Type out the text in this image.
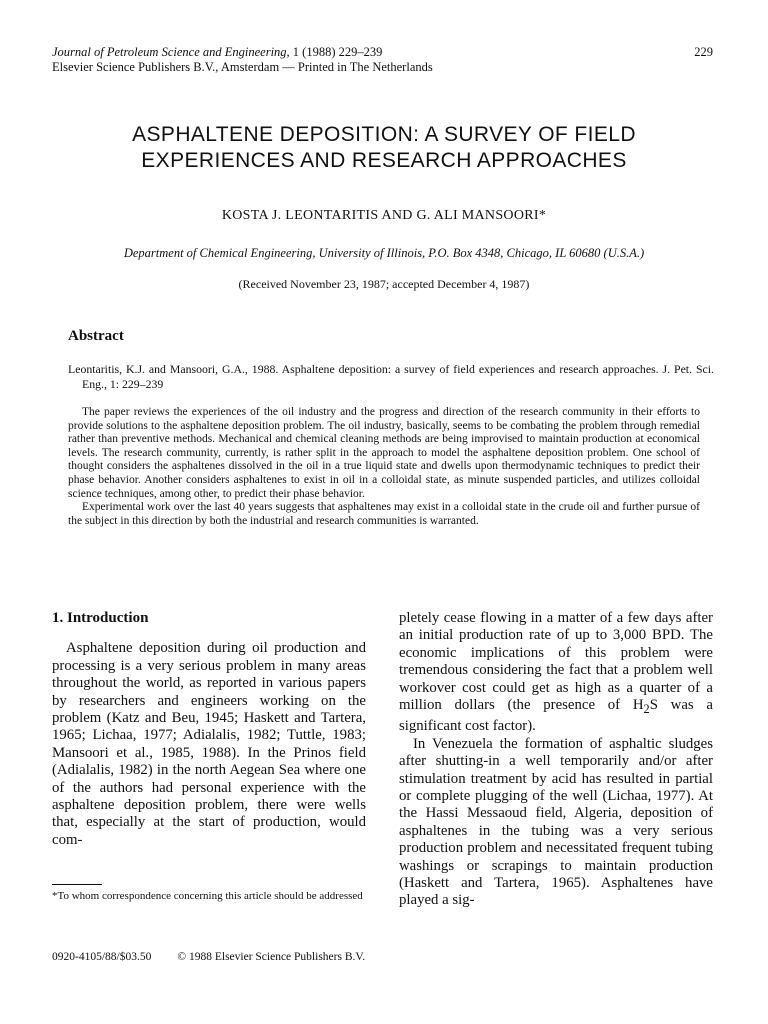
Journal of Petroleum Science and Engineering, 1 (1988) 229–239
Elsevier Science Publishers B.V., Amsterdam — Printed in The Netherlands
229
ASPHALTENE DEPOSITION: A SURVEY OF FIELD
EXPERIENCES AND RESEARCH APPROACHES
KOSTA J. LEONTARITIS AND G. ALI MANSOORI*
Department of Chemical Engineering, University of Illinois, P.O. Box 4348, Chicago, IL 60680 (U.S.A.)
(Received November 23, 1987; accepted December 4, 1987)
Abstract
Leontaritis, K.J. and Mansoori, G.A., 1988. Asphaltene deposition: a survey of field experiences and research approaches. J. Pet. Sci. Eng., 1: 229–239

The paper reviews the experiences of the oil industry and the progress and direction of the research community in their efforts to provide solutions to the asphaltene deposition problem. The oil industry, basically, seems to be combating the problem through remedial rather than preventive methods. Mechanical and chemical cleaning methods are being improvised to maintain production at economical levels. The research community, currently, is rather split in the approach to model the asphaltene deposition problem. One school of thought considers the asphaltenes dissolved in the oil in a true liquid state and dwells upon thermodynamic techniques to predict their phase behavior. Another considers asphaltenes to exist in oil in a colloidal state, as minute suspended particles, and utilizes colloidal science techniques, among other, to predict their phase behavior.

Experimental work over the last 40 years suggests that asphaltenes may exist in a colloidal state in the crude oil and further pursue of the subject in this direction by both the industrial and research communities is warranted.

1. Introduction

Asphaltene deposition during oil production and processing is a very serious problem in many areas throughout the world, as reported in various papers by researchers and engineers working on the problem (Katz and Beu, 1945; Haskett and Tartera, 1965; Lichaa, 1977; Adialalis, 1982; Tuttle, 1983; Mansoori et al., 1985, 1988). In the Prinos field (Adialalis, 1982) in the north Aegean Sea where one of the authors had personal experience with the asphaltene deposition problem, there were wells that, especially at the start of production, would com-

pletely cease flowing in a matter of a few days after an initial production rate of up to 3,000 BPD. The economic implications of this problem were tremendous considering the fact that a problem well workover cost could get as high as a quarter of a million dollars (the presence of $H_2S$ was a significant cost factor).

In Venezuela the formation of asphaltic sludges after shutting-in a well temporarily and/or after stimulation treatment by acid has resulted in partial or complete plugging of the well (Lichaa, 1977). At the Hassi Messaoud field, Algeria, deposition of asphaltenes in the tubing was a very serious production problem and necessitated frequent tubing washings or scrapings to maintain production (Haskett and Tartera, 1965). Asphaltenes have played a sig-

*To whom correspondence concerning this article should be addressed
0920-4105/88/$03.50 © 1988 Elsevier Science Publishers B.V.
